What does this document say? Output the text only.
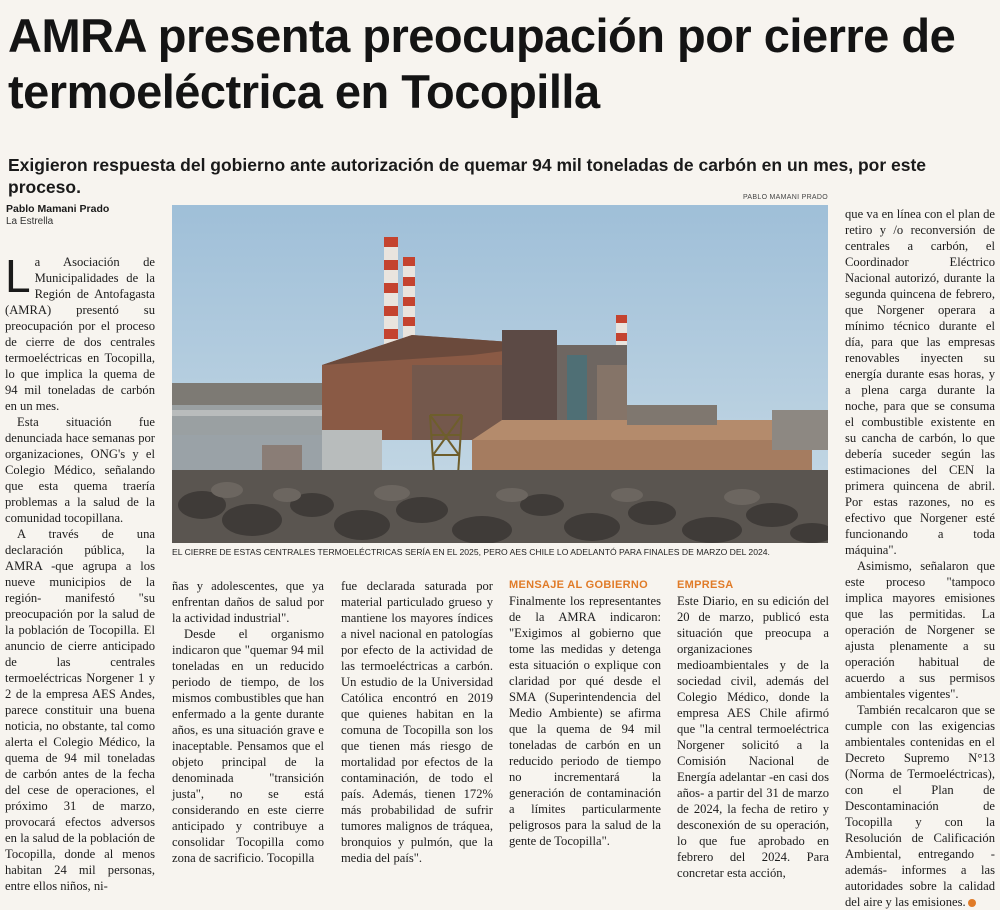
AMRA presenta preocupación por cierre de termoeléctrica en Tocopilla
Exigieron respuesta del gobierno ante autorización de quemar 94 mil toneladas de carbón en un mes, por este proceso.
Pablo Mamani Prado
La Estrella
PABLO MAMANI PRADO
EL CIERRE DE ESTAS CENTRALES TERMOELÉCTRICAS SERÍA EN EL 2025, PERO AES CHILE LO ADELANTÓ PARA FINALES DE MARZO DEL 2024.

La Asociación de Municipalidades de la Región de Antofagasta (AMRA) presentó su preocupación por el proceso de cierre de dos centrales termoeléctricas en Tocopilla, lo que implica la quema de 94 mil toneladas de carbón en un mes.

Esta situación fue denunciada hace semanas por organizaciones, ONG's y el Colegio Médico, señalando que esta quema traería problemas a la salud de la comunidad tocopillana.

A través de una declaración pública, la AMRA -que agrupa a los nueve municipios de la región- manifestó "su preocupación por la salud de la población de Tocopilla. El anuncio de cierre anticipado de las centrales termoeléctricas Norgener 1 y 2 de la empresa AES Andes, parece constituir una buena noticia, no obstante, tal como alerta el Colegio Médico, la quema de 94 mil toneladas de carbón antes de la fecha del cese de operaciones, el próximo 31 de marzo, provocará efectos adversos en la salud de la población de Tocopilla, donde al menos habitan 24 mil personas, entre ellos niños, ni-

ñas y adolescentes, que ya enfrentan daños de salud por la actividad industrial".

Desde el organismo indicaron que "quemar 94 mil toneladas en un reducido periodo de tiempo, de los mismos combustibles que han enfermado a la gente durante años, es una situación grave e inaceptable. Pensamos que el objeto principal de la denominada "transición justa", no se está considerando en este cierre anticipado y contribuye a consolidar Tocopilla como zona de sacrificio. Tocopilla

fue declarada saturada por material particulado grueso y mantiene los mayores índices a nivel nacional en patologías por efecto de la actividad de las termoeléctricas a carbón. Un estudio de la Universidad Católica encontró en 2019 que quienes habitan en la comuna de Tocopilla son los que tienen más riesgo de mortalidad por efectos de la contaminación, de todo el país. Además, tienen 172% más probabilidad de sufrir tumores malignos de tráquea, bronquios y pulmón, que la media del país".

MENSAJE AL GOBIERNO

Finalmente los representantes de la AMRA indicaron: "Exigimos al gobierno que tome las medidas y detenga esta situación o explique con claridad por qué desde el SMA (Superintendencia del Medio Ambiente) se afirma que la quema de 94 mil toneladas de carbón en un reducido periodo de tiempo no incrementará la generación de contaminación a límites particularmente peligrosos para la salud de la gente de Tocopilla".

EMPRESA

Este Diario, en su edición del 20 de marzo, publicó esta situación que preocupa a organizaciones medioambientales y de la sociedad civil, además del Colegio Médico, donde la empresa AES Chile afirmó que "la central termoeléctrica Norgener solicitó a la Comisión Nacional de Energía adelantar -en casi dos años- a partir del 31 de marzo de 2024, la fecha de retiro y desconexión de su operación, lo que fue aprobado en febrero del 2024. Para concretar esta acción,

que va en línea con el plan de retiro y /o reconversión de centrales a carbón, el Coordinador Eléctrico Nacional autorizó, durante la segunda quincena de febrero, que Norgener operara a mínimo técnico durante el día, para que las empresas renovables inyecten su energía durante esas horas, y a plena carga durante la noche, para que se consuma el combustible existente en su cancha de carbón, lo que debería suceder según las estimaciones del CEN la primera quincena de abril. Por estas razones, no es efectivo que Norgener esté funcionando a toda máquina".

Asimismo, señalaron que este proceso "tampoco implica mayores emisiones que las permitidas. La operación de Norgener se ajusta plenamente a su operación habitual de acuerdo a sus permisos ambientales vigentes".

También recalcaron que se cumple con las exigencias ambientales contenidas en el Decreto Supremo N°13 (Norma de Termoeléctricas), con el Plan de Descontaminación de Tocopilla y con la Resolución de Calificación Ambiental, entregando -además- informes a las autoridades sobre la calidad del aire y las emisiones.
